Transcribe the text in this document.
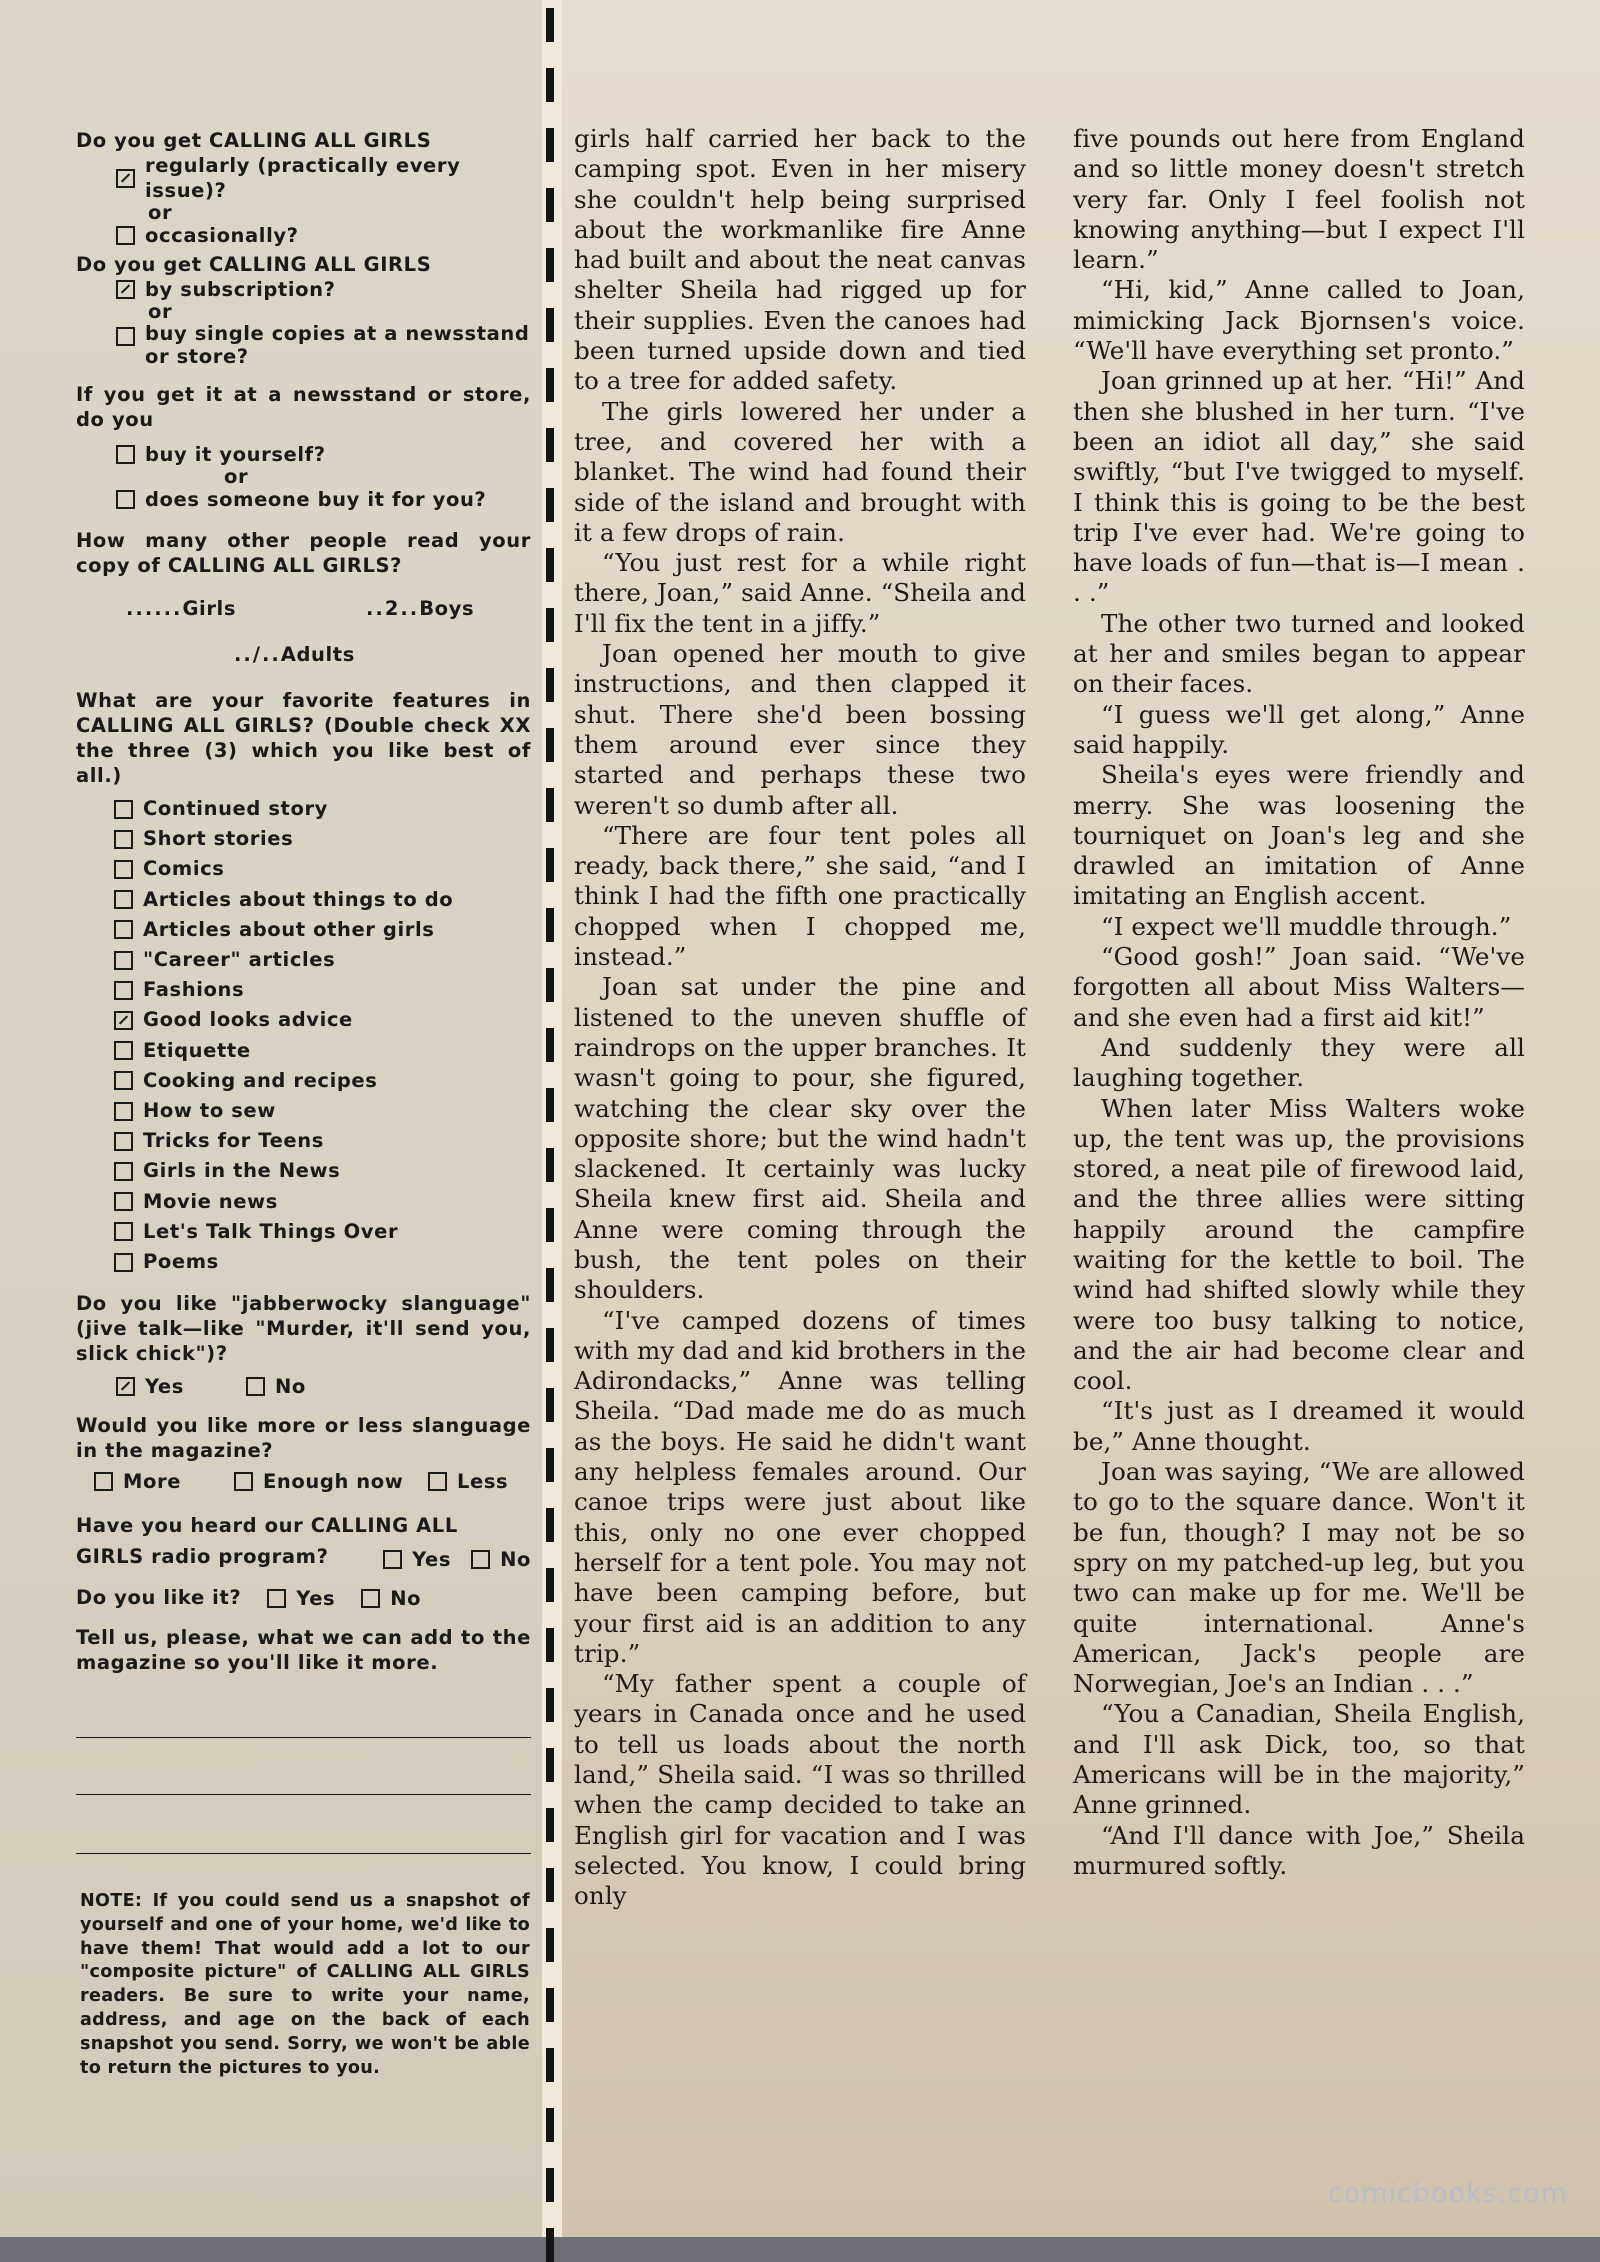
Do you get CALLING ALL GIRLS
regularly (practically every issue)?
or
occasionally?
Do you get CALLING ALL GIRLS
by subscription?
or
buy single copies at a newsstand or store?
If you get it at a newsstand or store, do you
buy it yourself?
or
does someone buy it for you?
How many other people read your copy of CALLING ALL GIRLS?
......Girls	..2..Boys
../..Adults
What are your favorite features in CALLING ALL GIRLS? (Double check XX the three (3) which you like best of all.)
Continued story
Short stories
Comics
Articles about things to do
Articles about other girls
"Career" articles
Fashions
Good looks advice
Etiquette
Cooking and recipes
How to sew
Tricks for Teens
Girls in the News
Movie news
Let's Talk Things Over
Poems
Do you like "jabberwocky slanguage" (jive talk—like "Murder, it'll send you, slick chick")?
Yes	No
Would you like more or less slanguage in the magazine?
More	Enough now	Less
Have you heard our CALLING ALL GIRLS radio program?	Yes	No
Do you like it?	Yes	No
Tell us, please, what we can add to the magazine so you'll like it more.
NOTE: If you could send us a snapshot of yourself and one of your home, we'd like to have them! That would add a lot to our "composite picture" of CALLING ALL GIRLS readers. Be sure to write your name, address, and age on the back of each snapshot you send. Sorry, we won't be able to return the pictures to you.

girls half carried her back to the camping spot. Even in her misery she couldn't help being surprised about the workmanlike fire Anne had built and about the neat canvas shelter Sheila had rigged up for their supplies. Even the canoes had been turned upside down and tied to a tree for added safety.

The girls lowered her under a tree, and covered her with a blanket. The wind had found their side of the island and brought with it a few drops of rain.

“You just rest for a while right there, Joan,” said Anne. “Sheila and I'll fix the tent in a jiffy.”

Joan opened her mouth to give instructions, and then clapped it shut. There she'd been bossing them around ever since they started and perhaps these two weren't so dumb after all.

“There are four tent poles all ready, back there,” she said, “and I think I had the fifth one practically chopped when I chopped me, instead.”

Joan sat under the pine and listened to the uneven shuffle of raindrops on the upper branches. It wasn't going to pour, she figured, watching the clear sky over the opposite shore; but the wind hadn't slackened. It certainly was lucky Sheila knew first aid. Sheila and Anne were coming through the bush, the tent poles on their shoulders.

“I've camped dozens of times with my dad and kid brothers in the Adirondacks,” Anne was telling Sheila. “Dad made me do as much as the boys. He said he didn't want any helpless females around. Our canoe trips were just about like this, only no one ever chopped herself for a tent pole. You may not have been camping before, but your first aid is an addition to any trip.”

“My father spent a couple of years in Canada once and he used to tell us loads about the north land,” Sheila said. “I was so thrilled when the camp decided to take an English girl for vacation and I was selected. You know, I could bring only

five pounds out here from England and so little money doesn't stretch very far. Only I feel foolish not knowing anything—but I expect I'll learn.”

“Hi, kid,” Anne called to Joan, mimicking Jack Bjornsen's voice. “We'll have everything set pronto.”

Joan grinned up at her. “Hi!” And then she blushed in her turn. “I've been an idiot all day,” she said swiftly, “but I've twigged to myself. I think this is going to be the best trip I've ever had. We're going to have loads of fun—that is—I mean . . .”

The other two turned and looked at her and smiles began to appear on their faces.

“I guess we'll get along,” Anne said happily.

Sheila's eyes were friendly and merry. She was loosening the tourniquet on Joan's leg and she drawled an imitation of Anne imitating an English accent.

“I expect we'll muddle through.”

“Good gosh!” Joan said. “We've forgotten all about Miss Walters—and she even had a first aid kit!”

And suddenly they were all laughing together.

When later Miss Walters woke up, the tent was up, the provisions stored, a neat pile of firewood laid, and the three allies were sitting happily around the campfire waiting for the kettle to boil. The wind had shifted slowly while they were too busy talking to notice, and the air had become clear and cool.

“It's just as I dreamed it would be,” Anne thought.

Joan was saying, “We are allowed to go to the square dance. Won't it be fun, though? I may not be so spry on my patched-up leg, but you two can make up for me. We'll be quite international. Anne's American, Jack's people are Norwegian, Joe's an Indian . . .”

“You a Canadian, Sheila English, and I'll ask Dick, too, so that Americans will be in the majority,” Anne grinned.

“And I'll dance with Joe,” Sheila murmured softly.

comicbooks.com
